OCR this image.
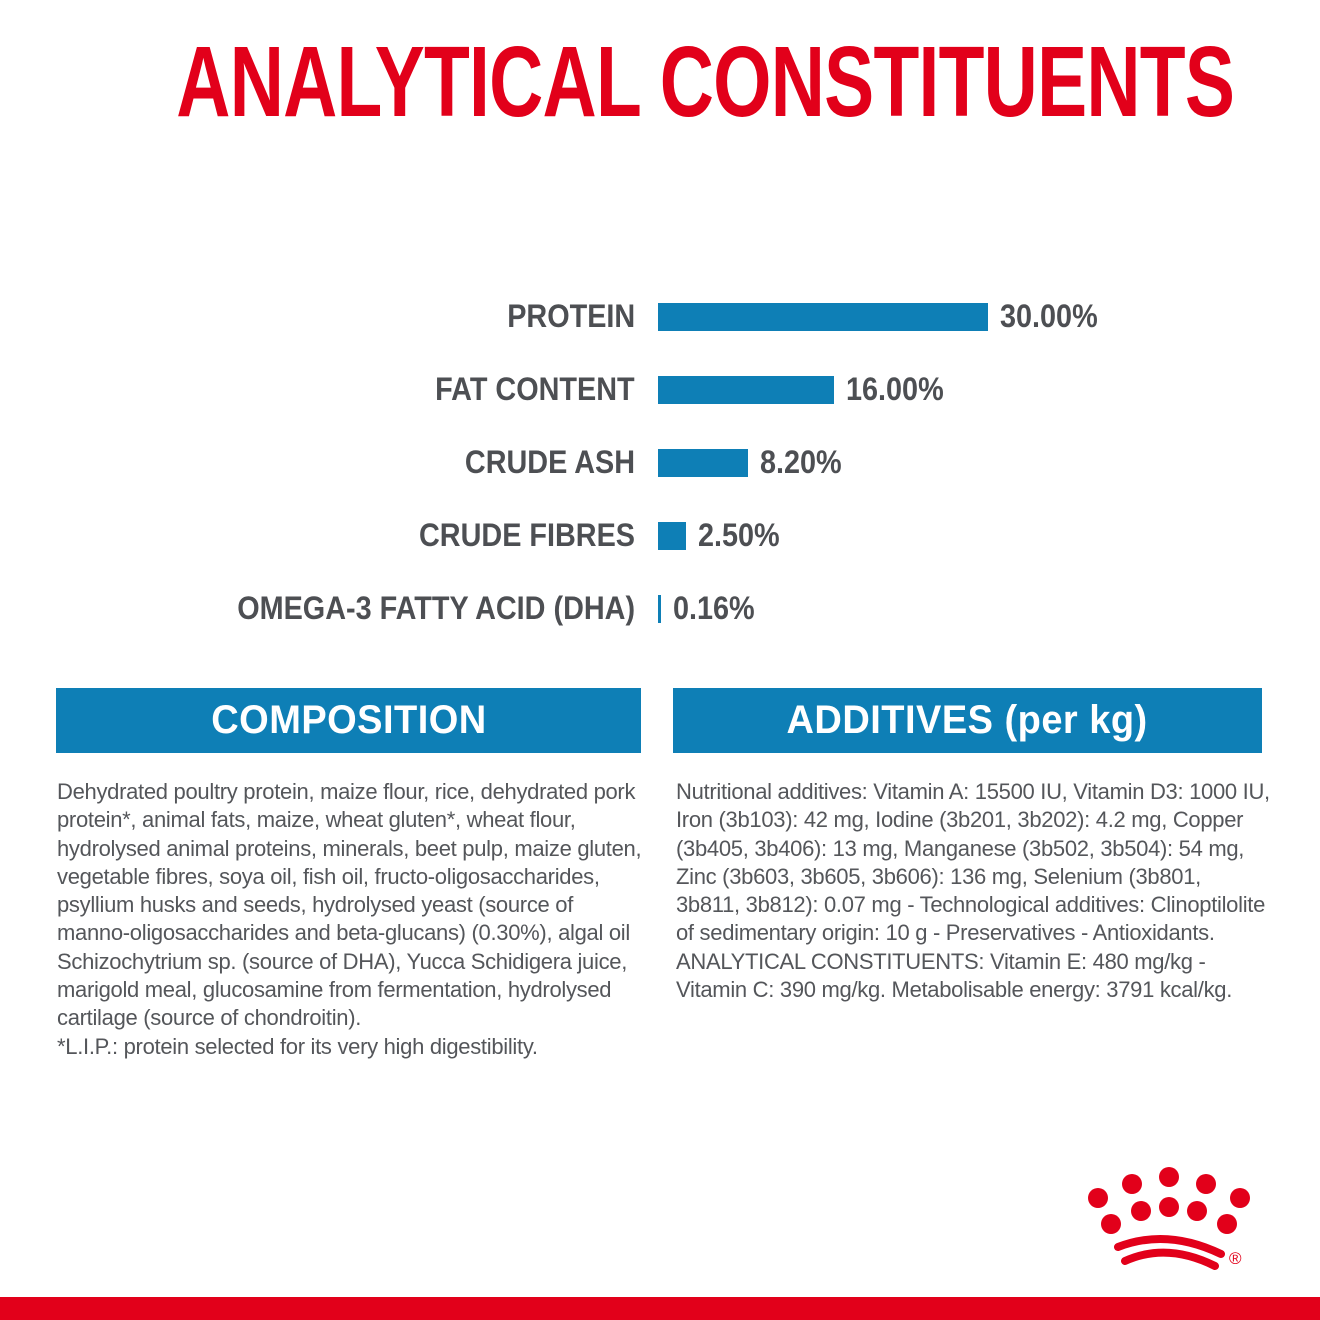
ANALYTICAL CONSTITUENTS
PROTEIN	30.00%
FAT CONTENT	16.00%
CRUDE ASH	8.20%
CRUDE FIBRES 2.50%
OMEGA-3 FATTY ACID (DHA) 0.16%
COMPOSITION	ADDITIVES (per kg)

Dehydrated poultry protein, maize flour, rice, dehydrated pork protein*, animal fats, maize, wheat gluten*, wheat flour, hydrolysed animal proteins, minerals, beet pulp, maize gluten, vegetable fibres, soya oil, fish oil, fructo-oligosaccharides, psyllium husks and seeds, hydrolysed yeast (source of manno-oligosaccharides and beta-glucans) (0.30%), algal oil Schizochytrium sp. (source of DHA), Yucca Schidigera juice, marigold meal, glucosamine from fermentation, hydrolysed cartilage (source of chondroitin).

*L.I.P.: protein selected for its very high digestibility.

Nutritional additives: Vitamin A: 15500 IU, Vitamin D3: 1000 IU, Iron (3b103): 42 mg, Iodine (3b201, 3b202): 4.2 mg, Copper (3b405, 3b406): 13 mg, Manganese (3b502, 3b504): 54 mg, Zinc (3b603, 3b605, 3b606): 136 mg, Selenium (3b801, 3b811, 3b812): 0.07 mg - Technological additives: Clinoptilolite of sedimentary origin: 10 g - Preservatives - Antioxidants.

ANALYTICAL CONSTITUENTS: Vitamin E: 480 mg/kg - Vitamin C: 390 mg/kg. Metabolisable energy: 3791 kcal/kg.

®
